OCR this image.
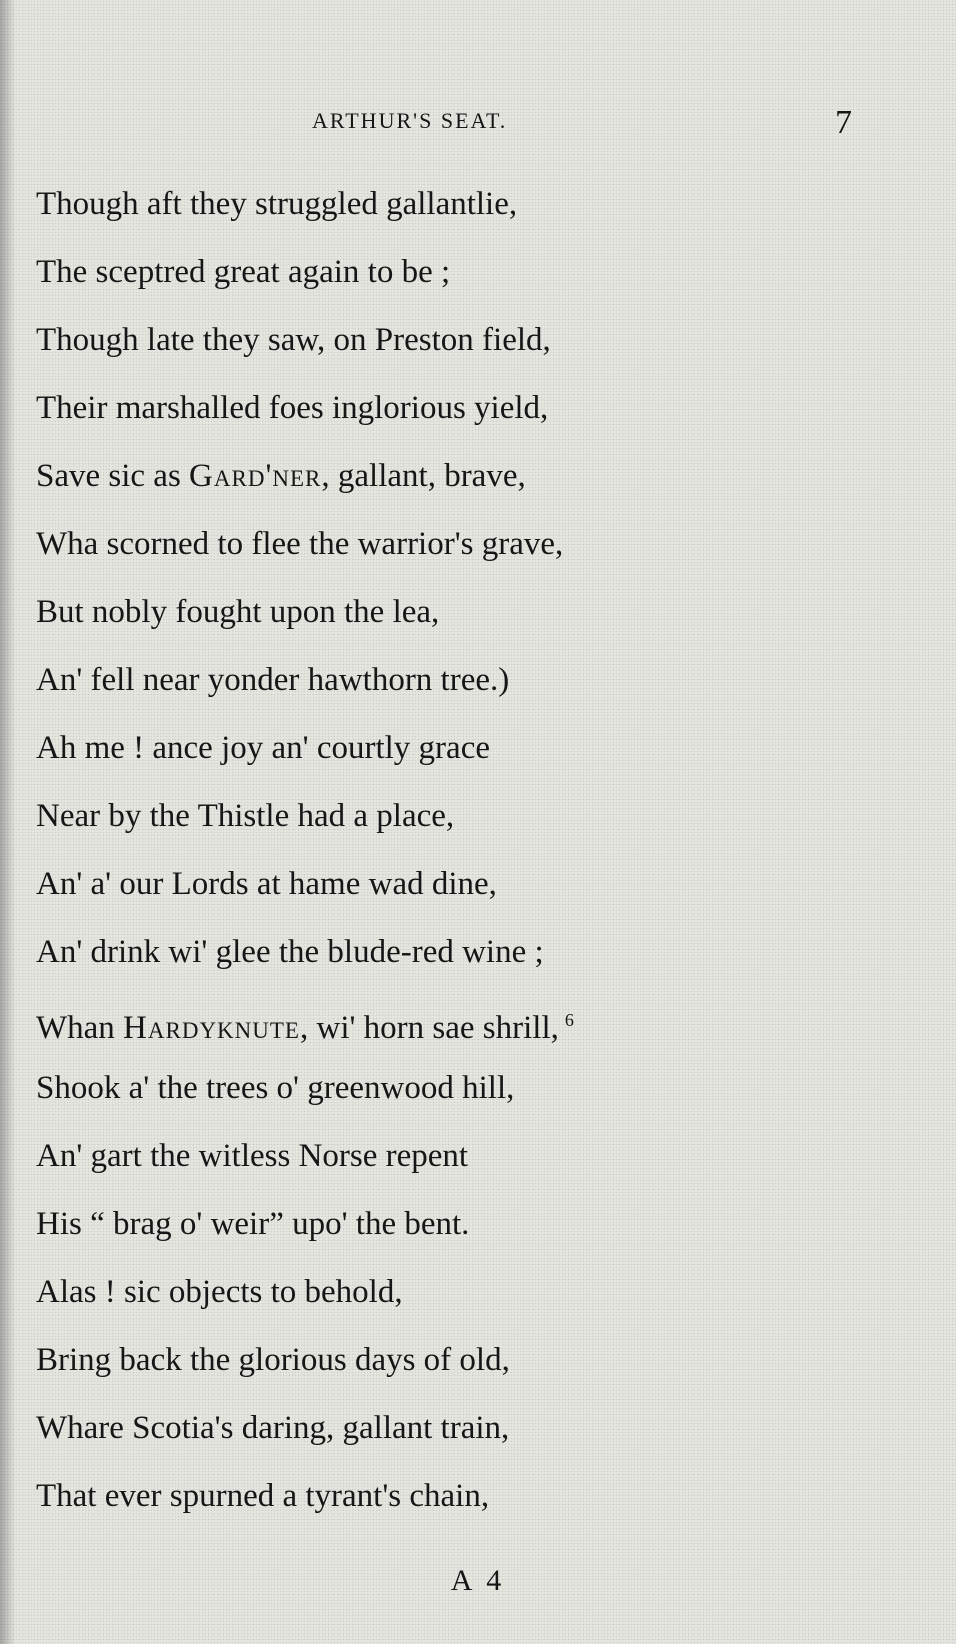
ARTHUR'S SEAT.	7
Though aft they struggled gallantlie,
The sceptred great again to be ;
Though late they saw, on Preston field,
Their marshalled foes inglorious yield,
Save sic as Gard'ner, gallant, brave,
Wha scorned to flee the warrior's grave,
But nobly fought upon the lea,
An' fell near yonder hawthorn tree.)
Ah me ! ance joy an' courtly grace
Near by the Thistle had a place,
An' a' our Lords at hame wad dine,
An' drink wi' glee the blude-red wine ;
Whan Hardyknute, wi' horn sae shrill, $^6$
Shook a' the trees o' greenwood hill,
An' gart the witless Norse repent
His “ brag o' weir” upo' the bent.
Alas ! sic objects to behold,
Bring back the glorious days of old,
Whare Scotia's daring, gallant train,
That ever spurned a tyrant's chain,
A 4
